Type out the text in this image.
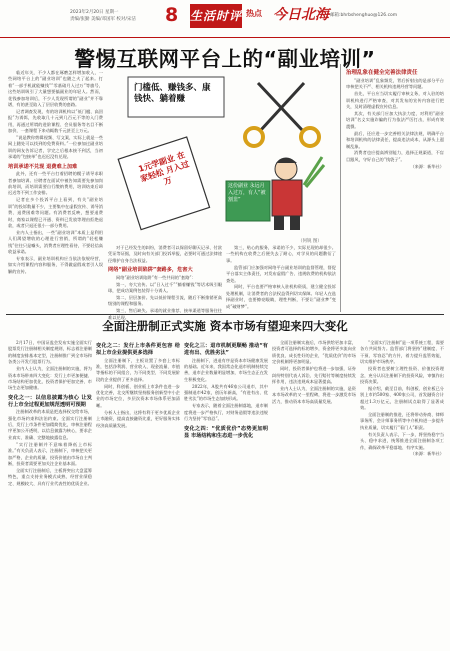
2023年2月20日 星期一
责编/张勤 美编/邓国军 校对/宋洁 8 生活时评 热点 今日北海 邮箱:bhrbshenghuo@126.com
警惕互联网平台上的“副业培训”

临近年关，不少人都在琢磨怎样增加收入，一些网络平台上的“副业培训”也随之火了起来。打着“一部手机就能赚钱”“零基础月入过万”等旗号，这些培训吸引了大量想要搞副业的年轻人。然而，花钱参加培训后，不少人发现所谓的“副业”并不靠谱，有的甚至陷入了层层收费的套路。

记者调查发现，有的培训机构以“低门槛、高回报”为诱饵，先收取几十元到几百元不等的入门费用，再通过所谓的进阶课程、会员服务等名目不断加价，一套课程下来动辄数千元甚至上万元。

“说是教你剪辑视频、写文案，实际上就是一些网上随处可以找到的免费资料。”一位参加过副业培训的网友告诉记者，学完之后根本接不到活，当初承诺的“包接单”也迟迟没有兑现。

培训承诺不兑现 退费难上加难

此外，还有一些平台打着招聘的幌子诱导求职者参加培训。应聘者在面试中被告知需要先参加岗前培训，而培训需要自行缴纳费用，培训结束后却迟迟等不到工作安排。

记者在多个投诉平台上看到，有关“副业培训”的投诉数量不少，主要集中在虚假宣传、诱导消费、退费困难等问题。有消费者反映，想要退费时，商家以课程已开通、资料已发放等理由拒绝退款，或者只退还很小一部分费用。

业内人士指出，一些“副业培训”本质上是利用人们渴望增收的心理进行营销，所谓的“轻松赚钱”往往只是噱头，消费者应理性看待，不要轻信高收益承诺。

专家表示，副业培训机构应当依法依规经营，如实介绍课程内容和服务，不得做虚假或者引人误解的宣传。

门槛低、赚钱多、康钱快、躺着赚
1元学副业 在家轻松 月入过万	这份副业 永远月入过万，有人“被割韭”
（何锐 图）

对于已经发生的纠纷，消费者可以保留好聊天记录、付款凭证等证据，及时向有关部门投诉举报，必要时可通过法律途径维护自身合法权益。

网络“副业培训陷阱”套路多，危害大

网络“副业培训陷阱”有一些共同的“套路”：

第一，夸大宣传。以“日入过千”“躺着赚钱”等话术吸引眼球，把成功案例包装得十分诱人。

第二，层层加价。先以低价课程引流，随后不断推销更高级别的课程和服务。

第三，售后缺失。承诺的就业推荐、接单渠道等服务往往难以兑现。

第三，贴心的服务，承诺的不少，实际兑现的却很少。一些机构在收费之后便失去了耐心，对学员的问题敷衍了事。

监管部门应加强对网络平台副业培训的监督管理，督促平台落实主体责任，对发布虚假广告、违规收费的机构依法查处。

同时，平台也要严格审核入驻机构资质，建立健全投诉处理机制，让消费者的合法权益得到切实保障。年轻人在选择副业时，也要擦亮眼睛，理性判断，不要让“副业梦”变成“破财梦”。

治理乱象在健全完善法律责任

“副业培训”乱象频发，背后折射出的是部分平台审核把关不严、相关机构违规经营等问题。

首先，平台应当切实履行审核义务，对入驻的培训机构进行严格审查，对其发布的宣传内容进行把关，及时清理虚假宣传信息。

其次，有关部门应加大执法力度，对利用“副业培训”名义实施诈骗的行为依法严厉打击，形成有效震慑。

最后，还应进一步完善相关法律法规，明确平台和培训机构的法律责任，提高违法成本，从源头上遏制乱象。

消费者也应提高辨别能力，选择正规渠道，不盲目跟风，守好自己的“钱袋子”。

（来源：新华社）

全面注册制正式实施 资本市场有望迎来四大变化

2月17日，中国证监会发布实施全面实行股票发行注册制相关制度规则，标志着注册制的制度安排基本定型，注册制推广到全市场和各类公开发行股票行为。

业内人士认为，全面注册制的实施，将为资本市场带来四大变化：发行上市更加便捷、市场结构更加优化、投资者保护更加完善、市场生态更加健康。

变化之一：以信息披露为核心 让发行上市全过程更加规范透明可预期

注册制改革的本质是把选择权交给市场，强化市场约束和法治约束。全面实行注册制后，发行上市条件更加精简优化，审核注册程序更加公开透明，以信息披露为核心，要求企业真实、准确、完整地披露信息。

“实行注册制并不意味着降低上市标准。”有关负责人表示，注册制下，审核把关更加严格，企业的质量、投资价值由市场自主判断，投资者需要更加关注企业基本面。

全面实行注册制后，主板将突出大盘蓝筹特色，重点支持业务模式成熟、经营业绩稳定、规模较大、具有行业代表性的优质企业。

变化之二：发行上市条件更包容 给拟上市企业提供更多选择

全面注册制下，主板设置了多套上市标准，包括净利润、营业收入、现金流量、市值等指标的不同组合，为不同类型、不同发展阶段的企业提供了更多选择。

同时，科创板、创业板上市条件也进一步优化完善，北交所继续坚持服务创新型中小企业的市场定位，多层次资本市场体系更加清晰。

分析人士指出，这将有利于更多优质企业上市融资，提高直接融资比重，更好服务实体经济高质量发展。

变化之三：退市机制更顺畅 推动“有进有出、优胜劣汰”

注册制下，进退有序是资本市场健康发展的基础。近年来，我国常态化退市机制持续完善，退市企业数量明显增加，市场生态正在发生积极变化。

2022年，A股共有46家公司退市，其中强制退市42家，创历年新高，“有进有出、优胜劣汰”的市场生态加快形成。

专家表示，随着全面注册制落地，退市制度将进一步严格执行，对财务造假等违法违规行为坚持“零容忍”。

变化之四：“优质优价”态势更加明显 市场结构和生态进一步优化

全面注册制实施后，市场供给更加丰富，投资者可选择的标的增多，资金将更多流向业绩优良、成长性好的企业，“优质优价”的市场定价机制将更加明显。

同时，投资者保护也将进一步加强，证券纠纷特别代表人诉讼、先行赔付等制度持续发挥作用，违法违规成本显著提高。

业内人士认为，全面注册制的实施，是资本市场改革的又一里程碑，将进一步激发市场活力，推动资本市场高质量发展。

“全面实行注册制”是一项系统工程，需要各方共同努力。监管部门将坚持“建制度、不干预、零容忍”的方针，着力提升监管效能，切实维护市场秩序。

投资者也要树立理性投资、价值投资理念，充分认识注册制下的投资风险，审慎作出投资决策。

据介绍，截至目前，科创板、创业板已分别上市约500家、400家公司，首发融资合计超过1.3万亿元，注册制试点取得了显著成效。

全面注册制的推进，还将带动券商、律师事务所、会计师事务所等中介机构进一步提升执业质量，切实履行“看门人”职责。

有关负责人表示，下一步，将坚持稳字当头、稳中求进，统筹推进全面注册制各项工作，确保改革平稳落地、有序实施。

（来源：新华社）
